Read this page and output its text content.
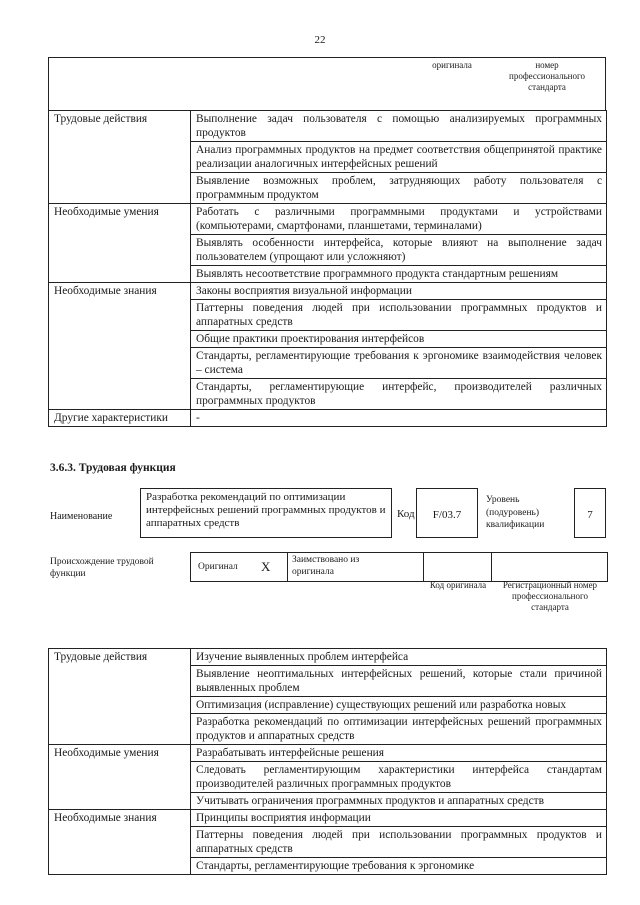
22
оригинала	номер профессионального стандарта
Трудовые действия	Выполнение задач пользователя с помощью анализируемых программных продуктов
	Анализ программных продуктов на предмет соответствия общепринятой практике реализации аналогичных интерфейсных решений
	Выявление возможных проблем, затрудняющих работу пользователя с программным продуктом
Необходимые умения	Работать с различными программными продуктами и устройствами (компьютерами, смартфонами, планшетами, терминалами)
	Выявлять особенности интерфейса, которые влияют на выполнение задач пользователем (упрощают или усложняют)
	Выявлять несоответствие программного продукта стандартным решениям
Необходимые знания	Законы восприятия визуальной информации
	Паттерны поведения людей при использовании программных продуктов и аппаратных средств
	Общие практики проектирования интерфейсов
	Стандарты, регламентирующие требования к эргономике взаимодействия человек – система
	Стандарты, регламентирующие интерфейс, производителей различных программных продуктов
Другие характеристики	-
3.6.3. Трудовая функция
Наименование
Разработка рекомендаций по оптимизации интерфейсных решений программных продуктов и аппаратных средств
Код	F/03.7
Уровень (подуровень) квалификации
7
Происхождение трудовой функции
Оригинал X Заимствовано из оригинала
Код оригинала	Регистрационный номер профессионального стандарта
Трудовые действия	Изучение выявленных проблем интерфейса
	Выявление неоптимальных интерфейсных решений, которые стали причиной выявленных проблем
	Оптимизация (исправление) существующих решений или разработка новых
	Разработка рекомендаций по оптимизации интерфейсных решений программных продуктов и аппаратных средств
Необходимые умения	Разрабатывать интерфейсные решения
	Следовать регламентирующим характеристики интерфейса стандартам производителей различных программных продуктов
	Учитывать ограничения программных продуктов и аппаратных средств
Необходимые знания	Принципы восприятия информации
	Паттерны поведения людей при использовании программных продуктов и аппаратных средств
	Стандарты, регламентирующие требования к эргономике
